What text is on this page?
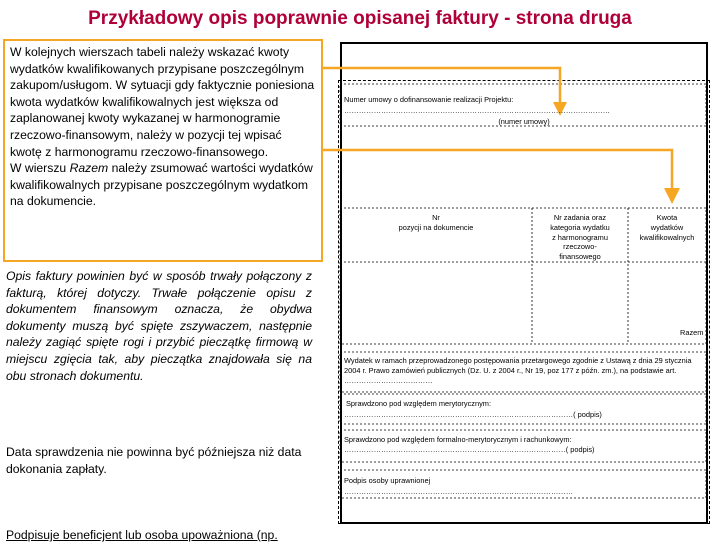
Przykładowy opis poprawnie opisanej faktury - strona druga
W kolejnych wierszach tabeli należy wskazać kwoty wydatków kwalifikowanych przypisane poszczególnym zakupom/usługom. W sytuacji gdy faktycznie poniesiona kwota wydatków kwalifikowalnych jest większa od zaplanowanej kwoty wykazanej w harmonogramie rzeczowo-finansowym, należy w pozycji tej wpisać kwotę z harmonogramu rzeczowo-finansowego.
W wierszu Razem należy zsumować wartości wydatków kwalifikowalnych przypisane poszczególnym wydatkom na dokumencie.
Opis faktury powinien być w sposób trwały połączony z fakturą, której dotyczy. Trwałe połączenie opisu z dokumentem finansowym oznacza, że obydwa dokumenty muszą być spięte zszywaczem, następnie należy zagiąć spięte rogi i przybić pieczątkę firmową w miejscu zgięcia tak, aby pieczątka znajdowała się na obu stronach dokumentu.
Data sprawdzenia nie powinna być późniejsza niż data dokonania zapłaty.
Podpisuje beneficjent lub osoba upoważniona (np.
Numer umowy o dofinansowanie realizacji Projektu:
………………………………………………………………………………………………
(numer umowy)
Nr
pozycji na dokumencie
Nr zadania oraz
kategoria wydatku
z harmonogramu
rzeczowo-
finansowego
Kwota
wydatków
kwalifikowalnych
Razem
Wydatek w ramach przeprowadzonego postępowania przetargowego zgodnie z Ustawą z dnia 29 stycznia 2004 r. Prawo zamówień publicznych (Dz. U. z 2004 r., Nr 19, poz 177 z późn. zm.), na podstawie art. ………………………………
Sprawdzono pod względem merytorycznym:
…………………………………………………………………………………( podpis)
Sprawdzono pod względem formalno-merytorycznym i rachunkowym:
………………………………………………………………………………( podpis)
Podpis osoby uprawnionej
…………………………………………………………………………………
